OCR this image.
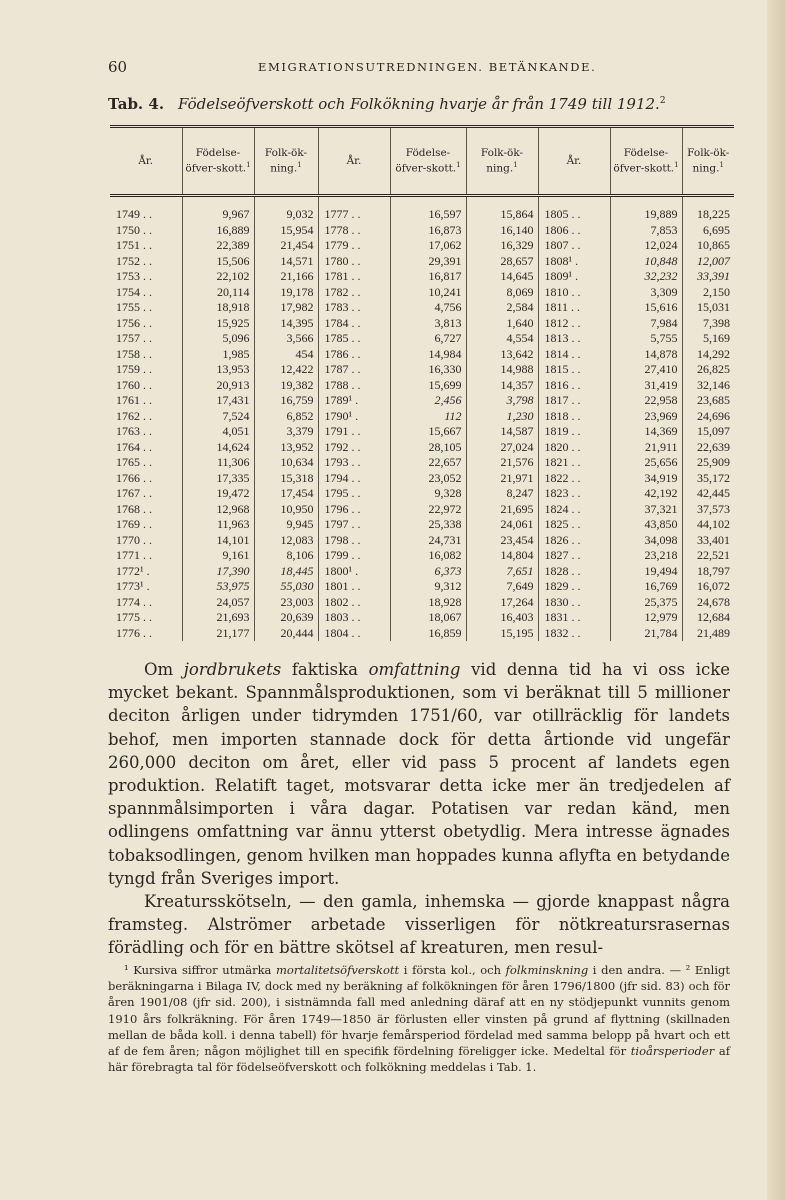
60	EMIGRATIONSUTREDNINGEN. BETÄNKANDE.
Tab. 4. Födelseöfverskott och Folkökning hvarje år från 1749 till 1912.$^2$
År.	Födelse-öfver-skott.$^1$	Folk-ök-ning.$^1$	År.	Födelse-öfver-skott.$^1$	Folk-ök-ning.$^1$	År.	Födelse-öfver-skott.$^1$	Folk-ök-ning.$^1$
1749 . .	9,967	9,032	1777 . .	16,597	15,864	1805 . .	19,889	18,225
1750 . .	16,889	15,954	1778 . .	16,873	16,140	1806 . .	7,853	6,695
1751 . .	22,389	21,454	1779 . .	17,062	16,329	1807 . .	12,024	10,865
1752 . .	15,506	14,571	1780 . .	29,391	28,657	1808¹ .	10,848	12,007
1753 . .	22,102	21,166	1781 . .	16,817	14,645	1809¹ .	32,232	33,391
1754 . .	20,114	19,178	1782 . .	10,241	8,069	1810 . .	3,309	2,150
1755 . .	18,918	17,982	1783 . .	4,756	2,584	1811 . .	15,616	15,031
1756 . .	15,925	14,395	1784 . .	3,813	1,640	1812 . .	7,984	7,398
1757 . .	5,096	3,566	1785 . .	6,727	4,554	1813 . .	5,755	5,169
1758 . .	1,985	454	1786 . .	14,984	13,642	1814 . .	14,878	14,292
1759 . .	13,953	12,422	1787 . .	16,330	14,988	1815 . .	27,410	26,825
1760 . .	20,913	19,382	1788 . .	15,699	14,357	1816 . .	31,419	32,146
1761 . .	17,431	16,759	1789¹ .	2,456	3,798	1817 . .	22,958	23,685
1762 . .	7,524	6,852	1790¹ .	112	1,230	1818 . .	23,969	24,696
1763 . .	4,051	3,379	1791 . .	15,667	14,587	1819 . .	14,369	15,097
1764 . .	14,624	13,952	1792 . .	28,105	27,024	1820 . .	21,911	22,639
1765 . .	11,306	10,634	1793 . .	22,657	21,576	1821 . .	25,656	25,909
1766 . .	17,335	15,318	1794 . .	23,052	21,971	1822 . .	34,919	35,172
1767 . .	19,472	17,454	1795 . .	9,328	8,247	1823 . .	42,192	42,445
1768 . .	12,968	10,950	1796 . .	22,972	21,695	1824 . .	37,321	37,573
1769 . .	11,963	9,945	1797 . .	25,338	24,061	1825 . .	43,850	44,102
1770 . .	14,101	12,083	1798 . .	24,731	23,454	1826 . .	34,098	33,401
1771 . .	9,161	8,106	1799 . .	16,082	14,804	1827 . .	23,218	22,521
1772¹ .	17,390	18,445	1800¹ .	6,373	7,651	1828 . .	19,494	18,797
1773¹ .	53,975	55,030	1801 . .	9,312	7,649	1829 . .	16,769	16,072
1774 . .	24,057	23,003	1802 . .	18,928	17,264	1830 . .	25,375	24,678
1775 . .	21,693	20,639	1803 . .	18,067	16,403	1831 . .	12,979	12,684
1776 . .	21,177	20,444	1804 . .	16,859	15,195	1832 . .	21,784	21,489

Om jordbrukets faktiska omfattning vid denna tid ha vi oss icke mycket bekant. Spannmålsproduktionen, som vi beräknat till 5 millioner deciton årligen under tidrymden 1751/60, var otillräcklig för landets behof, men importen stannade dock för detta årtionde vid ungefär 260,000 deciton om året, eller vid pass 5 procent af landets egen produktion. Relatift taget, motsvarar detta icke mer än tredjedelen af spannmålsimporten i våra dagar. Potatisen var redan känd, men odlingens omfattning var ännu ytterst obetydlig. Mera intresse ägnades tobaksodlingen, genom hvilken man hoppades kunna aflyfta en betydande tyngd från Sveriges import.

Kreatursskötseln, — den gamla, inhemska — gjorde knappast några framsteg. Alströmer arbetade visserligen för nötkreatursrasernas förädling och för en bättre skötsel af kreaturen, men resul-

¹ Kursiva siffror utmärka mortalitetsöfverskott i första kol., och folkminskning i den andra. — ² Enligt beräkningarna i Bilaga IV, dock med ny beräkning af folkökningen för åren 1796/1800 (jfr sid. 83) och för åren 1901/08 (jfr sid. 200), i sistnämnda fall med anledning däraf att en ny stödjepunkt vunnits genom 1910 års folkräkning. För åren 1749—1850 är förlusten eller vinsten på grund af flyttning (skillnaden mellan de båda koll. i denna tabell) för hvarje femårsperiod fördelad med samma belopp på hvart och ett af de fem åren; någon möjlighet till en specifik fördelning föreligger icke. Medeltal för tioårsperioder af här förebragta tal för födelseöfverskott och folkökning meddelas i Tab. 1.
